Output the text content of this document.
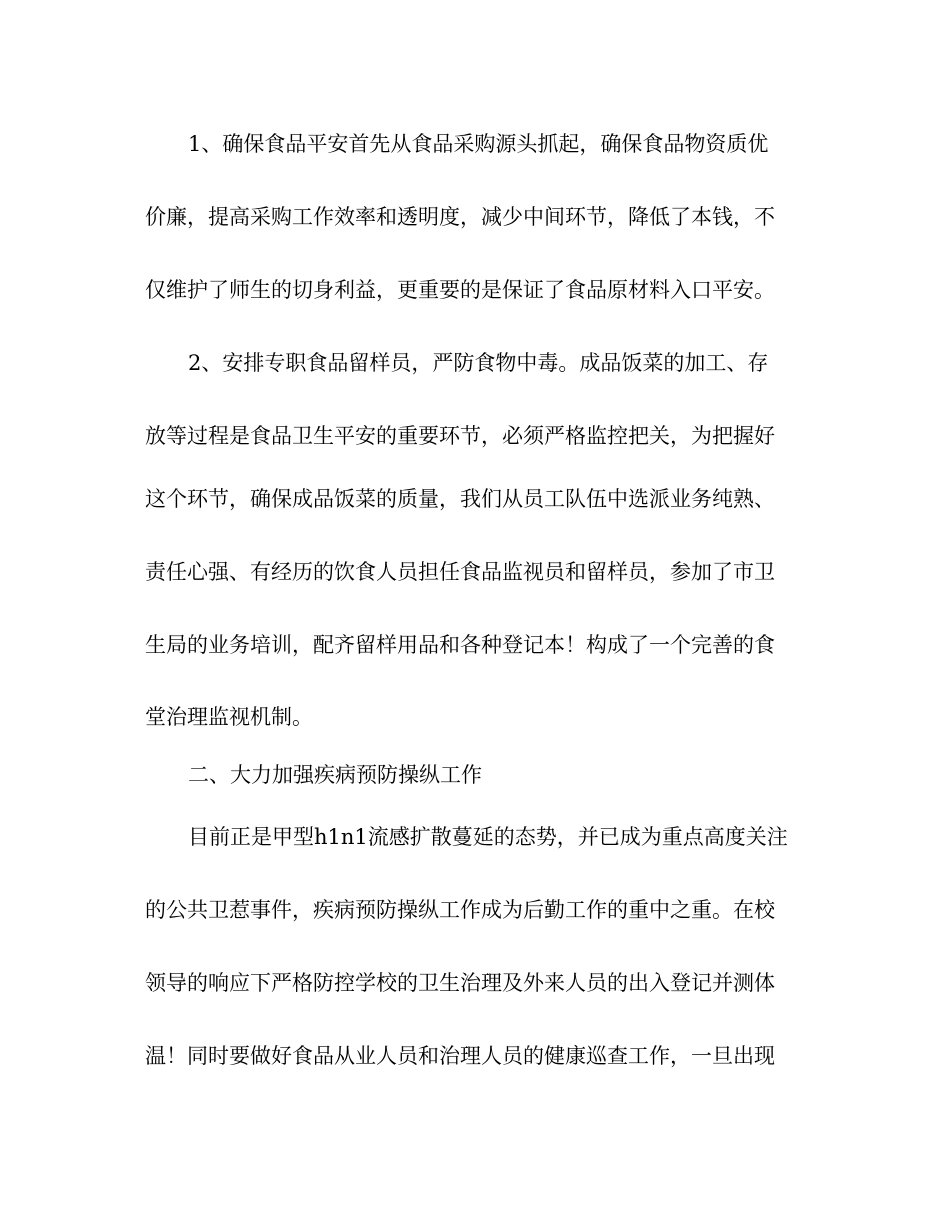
1、确保食品平安首先从食品采购源头抓起，确保食品物资质优
价廉，提高采购工作效率和透明度，减少中间环节，降低了本钱，不
仅维护了师生的切身利益，更重要的是保证了食品原材料入口平安。
2、安排专职食品留样员，严防食物中毒。成品饭菜的加工、存
放等过程是食品卫生平安的重要环节，必须严格监控把关，为把握好
这个环节，确保成品饭菜的质量，我们从员工队伍中选派业务纯熟、
责任心强、有经历的饮食人员担任食品监视员和留样员，参加了市卫
生局的业务培训，配齐留样用品和各种登记本！构成了一个完善的食
堂治理监视机制。
二、大力加强疾病预防操纵工作
目前正是甲型h1n1流感扩散蔓延的态势，并已成为重点高度关注
的公共卫惹事件，疾病预防操纵工作成为后勤工作的重中之重。在校
领导的响应下严格防控学校的卫生治理及外来人员的出入登记并测体
温！同时要做好食品从业人员和治理人员的健康巡查工作，一旦出现
